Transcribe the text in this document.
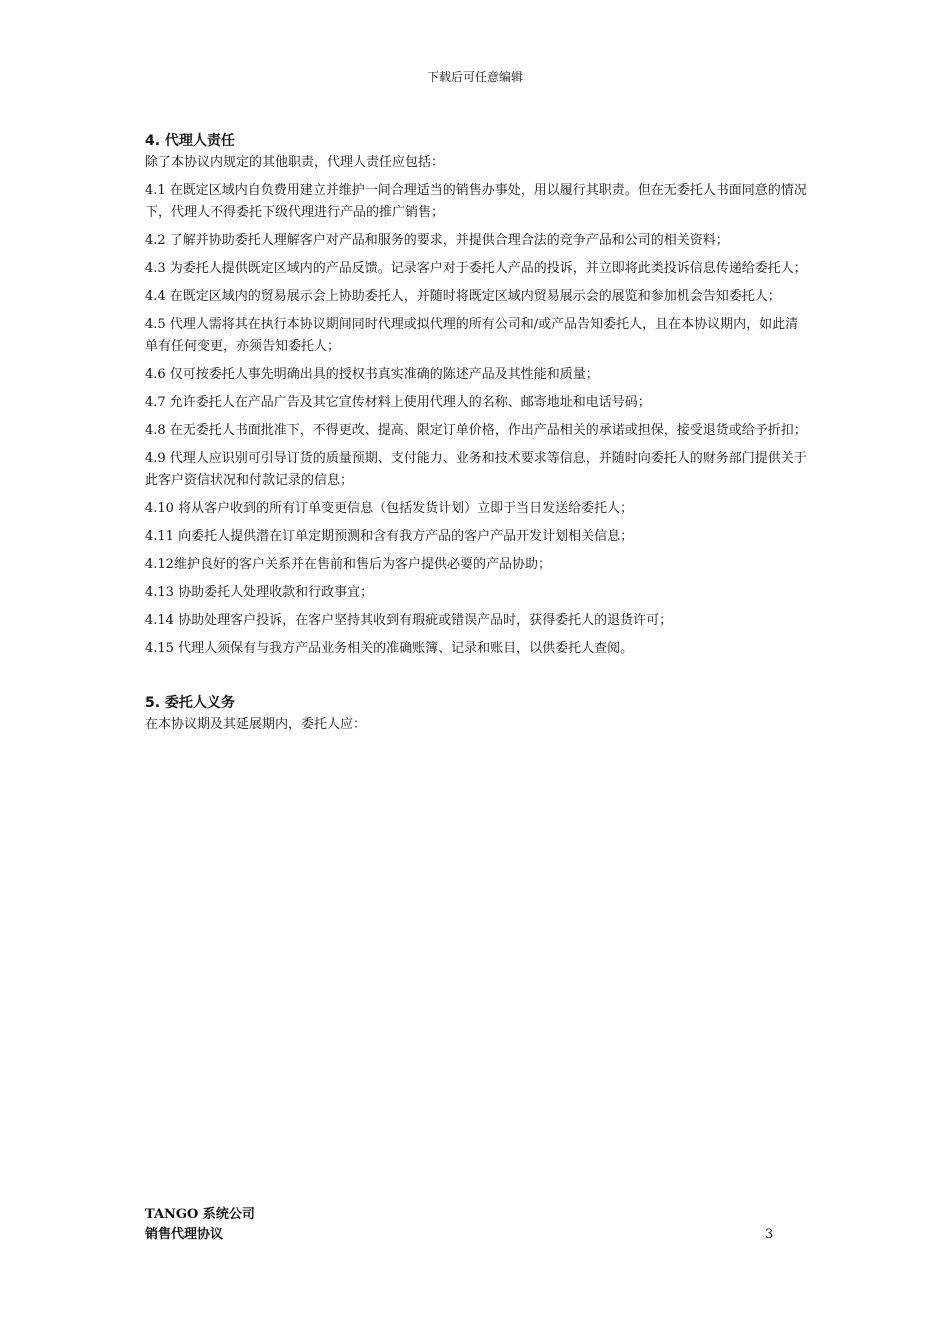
下载后可任意编辑

4. 代理人责任

除了本协议内规定的其他职责，代理人责任应包括：

4.1 在既定区域内自负费用建立并维护一间合理适当的销售办事处，用以履行其职责。但在无委托人书面同意的情况下，代理人不得委托下级代理进行产品的推广销售；

4.2 了解并协助委托人理解客户对产品和服务的要求，并提供合理合法的竞争产品和公司的相关资料；

4.3 为委托人提供既定区域内的产品反馈。记录客户对于委托人产品的投诉，并立即将此类投诉信息传递给委托人；

4.4 在既定区域内的贸易展示会上协助委托人，并随时将既定区域内贸易展示会的展览和参加机会告知委托人；

4.5 代理人需将其在执行本协议期间同时代理或拟代理的所有公司和/或产品告知委托人，且在本协议期内，如此清单有任何变更，亦须告知委托人；

4.6 仅可按委托人事先明确出具的授权书真实准确的陈述产品及其性能和质量；

4.7 允许委托人在产品广告及其它宣传材料上使用代理人的名称、邮寄地址和电话号码；

4.8 在无委托人书面批准下，不得更改、提高、限定订单价格，作出产品相关的承诺或担保，接受退货或给予折扣；

4.9 代理人应识别可引导订货的质量预期、支付能力、业务和技术要求等信息，并随时向委托人的财务部门提供关于此客户资信状况和付款记录的信息；

4.10 将从客户收到的所有订单变更信息（包括发货计划）立即于当日发送给委托人；

4.11 向委托人提供潜在订单定期预测和含有我方产品的客户产品开发计划相关信息；

4.12维护良好的客户关系并在售前和售后为客户提供必要的产品协助；

4.13 协助委托人处理收款和行政事宜；

4.14 协助处理客户投诉，在客户坚持其收到有瑕疵或错误产品时，获得委托人的退货许可；

4.15 代理人须保有与我方产品业务相关的准确账簿、记录和账目，以供委托人查阅。

5. 委托人义务

在本协议期及其延展期内，委托人应：

TANGO 系统公司
销售代理协议	3
